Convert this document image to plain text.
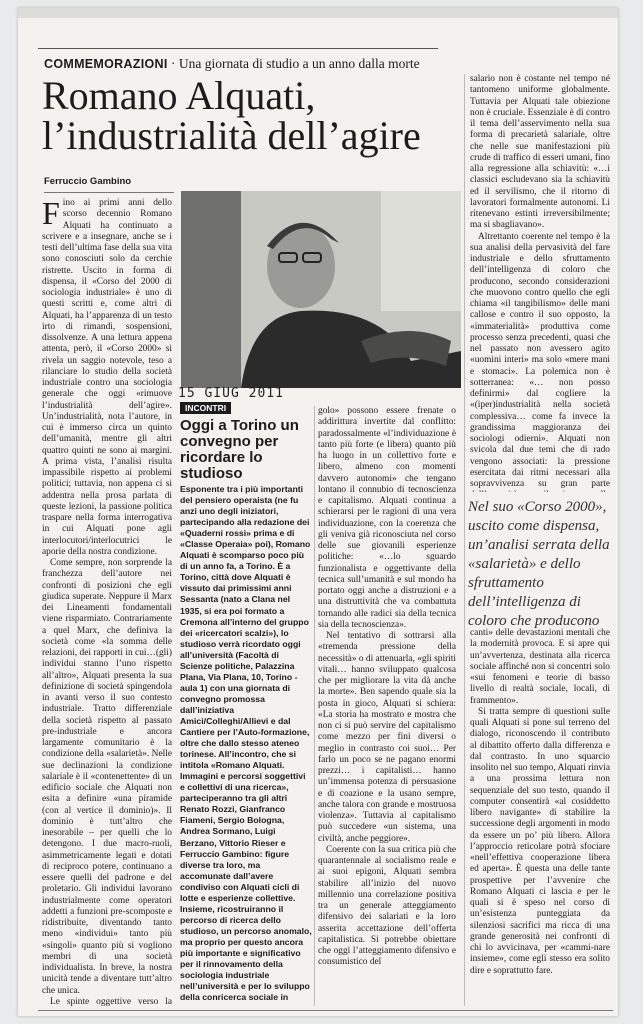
COMMEMORAZIONI · Una giornata di studio a un anno dalla morte
Romano Alquati, l’industrialità dell’agire
Ferruccio Gambino

Fino ai primi anni dello scorso decennio Romano Alquati ha continuato a scrivere e a insegnare, anche se i testi dell’ultima fase della sua vita sono conosciuti solo da cerchie ristrette. Uscito in forma di dispensa, il «Corso del 2000 di sociologia industriale» è uno di questi scritti e, come altri di Alquati, ha l’apparenza di un testo irto di rimandi, sospensioni, dissolvenze. A una lettura appena attenta, però, il «Corso 2000» si rivela un saggio notevole, teso a rilanciare lo studio della società industriale contro una sociologia generale che oggi «rimuove l’industrialità dell’agire». Un’industrialità, nota l’autore, in cui è immerso circa un quinto dell’umanità, mentre gli altri quattro quinti ne sono ai margini. A prima vista, l’analisi risulta impassibile rispetto ai problemi politici; tuttavia, non appena ci si addentra nella prosa parlata di queste lezioni, la passione politica traspare nella forma interrogativa in cui Alquati pone agli interlocutori/interlocutrici le aporie della nostra condizione.

Come sempre, non sorprende la franchezza dell’autore nei confronti di posizioni che egli giudica superate. Neppure il Marx dei Lineamenti fondamentali viene risparmiato. Contrariamente a quel Marx, che definiva la società come «la somma delle relazioni, dei rapporti in cui…(gli) individui stanno l’uno rispetto all’altro», Alquati presenta la sua definizione di società spingendola in avanti verso il suo contesto industriale. Tratto differenziale della società rispetto al passato pre-industriale e ancora largamente comunitario è la condizione della «salarietà». Nelle sue declinazioni la condizione salariale è il «contenettente» di un edificio sociale che Alquati non esita a definire «una piramide (con al vertice il dominio)». Il dominio è tutt’altro che inesorabile – per quelli che lo detengono. I due macro-ruoli, asimmetricamente legati e dotati di reciproco potere, continuano a essere quelli del padrone e del proletario. Gli individui lavorano industrialmente come operatori addetti a funzioni pre-scomposte e ridistribuite, diventando tanto meno «individui» tanto più «singoli» quanto più si vogliono membri di una società individualista. In breve, la nostra unicità tende a diventare tutt’altro che unica.

Le spinte oggettive verso la

15 GIUG 2011
INCONTRI
Oggi a Torino un convegno per ricordare lo studioso

Esponente tra i più importanti del pensiero operaista (ne fu anzi uno degli iniziatori, partecipando alla redazione dei «Quaderni rossi» prima e di «Classe Operaia» poi), Romano Alquati è scomparso poco più di un anno fa, a Torino. È a Torino, città dove Alquati è vissuto dai primissimi anni Sessanta (nato a Clana nel 1935, si era poi formato a Cremona all’interno del gruppo dei «ricercatori scalzi»), lo studioso verrà ricordato oggi all’università (Facoltà di Scienze politiche, Palazzina Plana, Via Plana, 10, Torino - aula 1) con una giornata di convegno promossa dall’iniziativa Amici/Colleghi/Allievi e dal Cantiere per l’Auto-formazione, oltre che dallo stesso ateneo torinese. All’incontro, che si intitola «Romano Alquati. Immagini e percorsi soggettivi e collettivi di una ricerca», parteciperanno tra gli altri Renato Rozzi, Gianfranco Fiameni, Sergio Bologna, Andrea Sormano, Luigi Berzano, Vittorio Rieser e Ferruccio Gambino: figure diverse tra loro, ma accomunate dall’avere condiviso con Alquati cicli di lotte e esperienze collettive. Insieme, ricostruiranno il percorso di ricerca dello studioso, un percorso anomalo, ma proprio per questo ancora più importante e significativo per il rinnovamento della sociologia industriale nell’università e per lo sviluppo della conricerca sociale in

golo» possono essere frenate o addirittura invertite dal conflitto: paradossalmente «l’individuazione è tanto più forte (e libera) quanto più ha luogo in un collettivo forte e libero, almeno con momenti davvero autonomi» che tengano lontano il connubio di tecnoscienza e capitalismo. Alquati continua a schierarsi per le ragioni di una vera individuazione, con la coerenza che gli veniva già riconosciuta nel corso delle sue giovanili esperienze politiche: «…lo sguardo funzionalista e oggettivante della tecnica sull’umanità e sul mondo ha portato oggi anche a distruzioni e a una distruttività che va combattuta tornando alle radici sia della tecnica sia della tecnoscienza».

Nel tentativo di sottrarsi alla «tremenda pressione della necessità» o di attenuarla, «gli spiriti vitali… hanno sviluppato qualcosa che per migliorare la vita dà anche la morte». Ben sapendo quale sia la posta in gioco, Alquati si schiera: «La storia ha mostrato e mostra che non ci si può servire del capitalismo come mezzo per fini diversi o meglio in contrasto coi suoi… Per farlo un poco se ne pagano enormi prezzi… i capitalisti… hanno un’immensa potenza di persuasione e di coazione e la usano sempre, anche talora con grande e mostruosa violenza». Tuttavia al capitalismo può succedere «un sistema, una civiltà, anche peggiore».

Coerente con la sua critica più che quarantennale al socialismo reale e ai suoi epigoni, Alquati sembra stabilire all’inizio del nuovo millennio una correlazione positiva tra un generale atteggiamento difensivo dei salariati e la loro asserita accettazione dell’offerta capitalistica. Si potrebbe obiettare che oggi l’atteggiamento difensivo e consumistico del

salario non è costante nel tempo né tantomeno uniforme globalmente. Tuttavia per Alquati tale obiezione non è cruciale. Essenziale è di contro il tema dell’asservimento nella sua forma di precarietà salariale, oltre che nelle sue manifestazioni più crude di traffico di esseri umani, fino alla regressione alla schiavitù: «…i classici escludevano sia la schiavitù ed il servilismo, che il ritorno di lavoratori formalmente autonomi. Li ritenevano estinti irreversibilmente; ma si sbagliavano».

Altrettanto coerente nel tempo è la sua analisi della pervasività del fare industriale e dello sfruttamento dell’intelligenza di coloro che producono, secondo considerazioni che muovono contro quello che egli chiama «il tangibilismo» delle mani callose e contro il suo opposto, la «immaterialità» produttiva come processo senza precedenti, quasi che nel passato non avessero agito «uomini interi» ma solo «mere mani e stomaci». La polemica non è sotterranea: «… non posso definirmi» dal cogliere la «(iper)industrialità nella società complessiva… come fa invece la grandissima maggioranza dei sociologi odierni». Alquati non svicola dal due temi che di rado vengono associati: la pressione esercitata dai ritmi necessari alla sopravvivenza su gran parte

Nel suo «Corso 2000», uscito come dispensa, un’analisi serrata della «salarietà» e dello sfruttamento dell’intelligenza di coloro che producono

canti» delle devastazioni mentali che la modernità provoca. E si apre qui un’avvertenza, destinata alla ricerca sociale affinché non si concentri solo «sui fenomeni e teorie di basso livello di realtà sociale, locali, di frammento».

Si tratta sempre di questioni sulle quali Alquati si pone sul terreno del dialogo, riconoscendo il contributo al dibattito offerto dalla differenza e dal contrasto. In uno squarcio insolito nel suo tempo, Alquati rinvia a una prossima lettura non sequenziale del suo testo, quando il computer consentirà «al cosiddetto libero navigante» di stabilire la successione degli argomenti in modo da essere un po’ più libero. Allora l’approccio reticolare potrà sfociare «nell’effettiva cooperazione libera ed aperta». È questa una delle tante prospettive per l’avvenire che Romano Alquati ci lascia e per le quali si è speso nel corso di un’esistenza punteggiata da silenziosi sacrifici ma ricca di una grande generosità nei confronti di chi lo avvicinava, per «cammi-nare insieme», come egli stesso era solito dire e soprattutto fare.
